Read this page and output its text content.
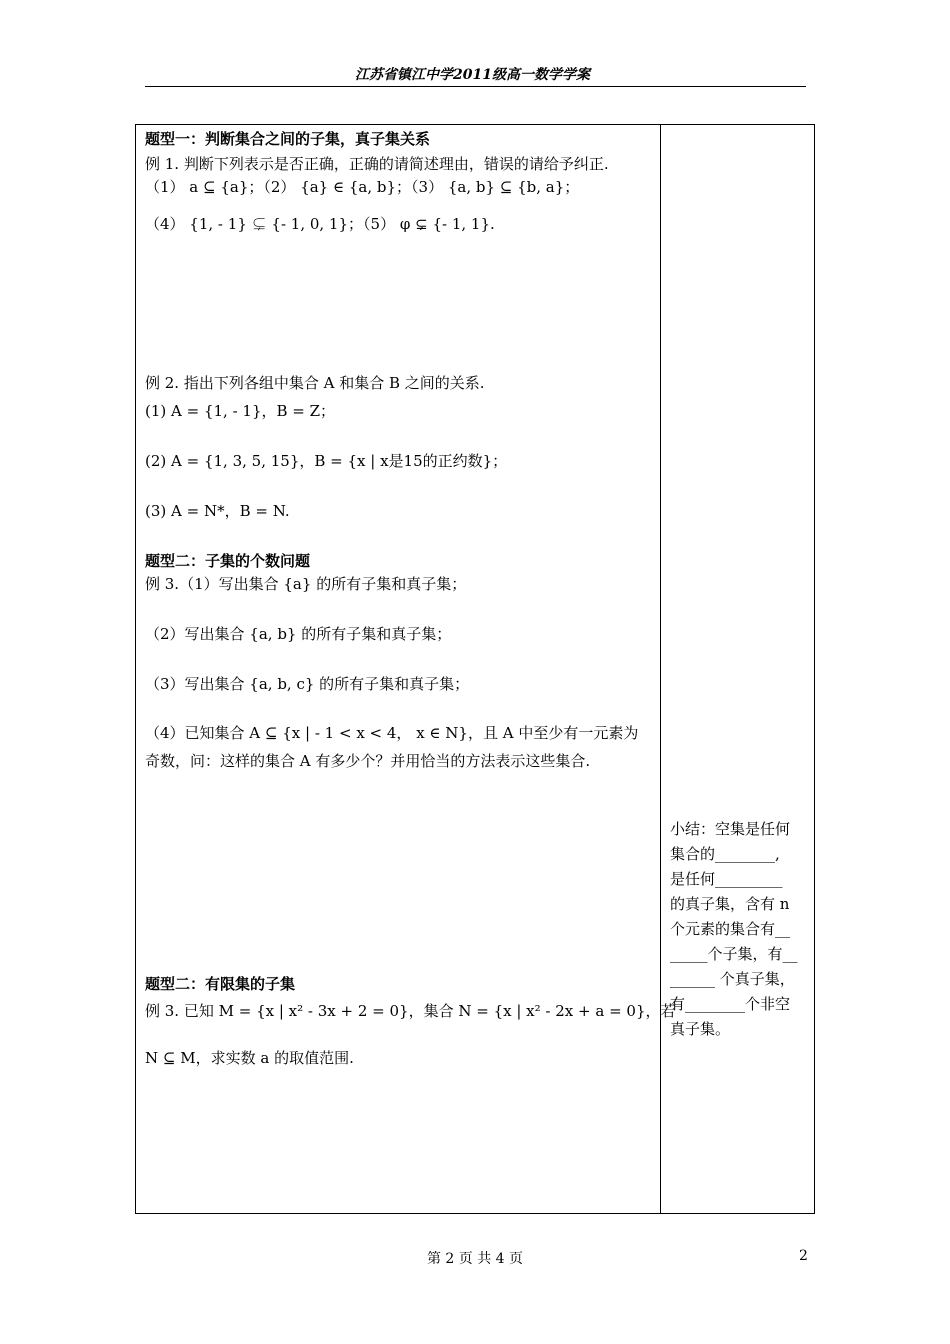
江苏省镇江中学2011级高一数学学案
题型一：判断集合之间的子集，真子集关系
例 1. 判断下列表示是否正确，正确的请简述理由，错误的请给予纠正.
（1） a ⊆ {a}；（2） {a} ∈ {a, b}；（3） {a, b} ⊆ {b, a}；
（4） {1, - 1} ⊊ {- 1, 0, 1}；（5） φ ⊊ {- 1, 1}.
例 2. 指出下列各组中集合 A 和集合 B 之间的关系.
(1) A = {1, - 1}，B = Z；
(2) A = {1, 3, 5, 15}，B = {x | x是15的正约数}；
(3) A = N*，B = N.
题型二：子集的个数问题
例 3.（1）写出集合 {a} 的所有子集和真子集；
（2）写出集合 {a, b} 的所有子集和真子集；
（3）写出集合 {a, b, c} 的所有子集和真子集；
（4）已知集合 A ⊆ {x | - 1 < x < 4， x ∈ N}，且 A 中至少有一元素为
奇数，问：这样的集合 A 有多少个？并用恰当的方法表示这些集合.
题型二：有限集的子集
例 3. 已知 M = {x | x² - 3x + 2 = 0}，集合 N = {x | x² - 2x + a = 0}，若
N ⊆ M，求实数 a 的取值范围.

小结：空集是任何

集合的________,

是任何_________

的真子集，含有 n

个元素的集合有__

_____个子集，有__

______ 个真子集，

有________个非空

真子集。

第 2 页 共 4 页	2
